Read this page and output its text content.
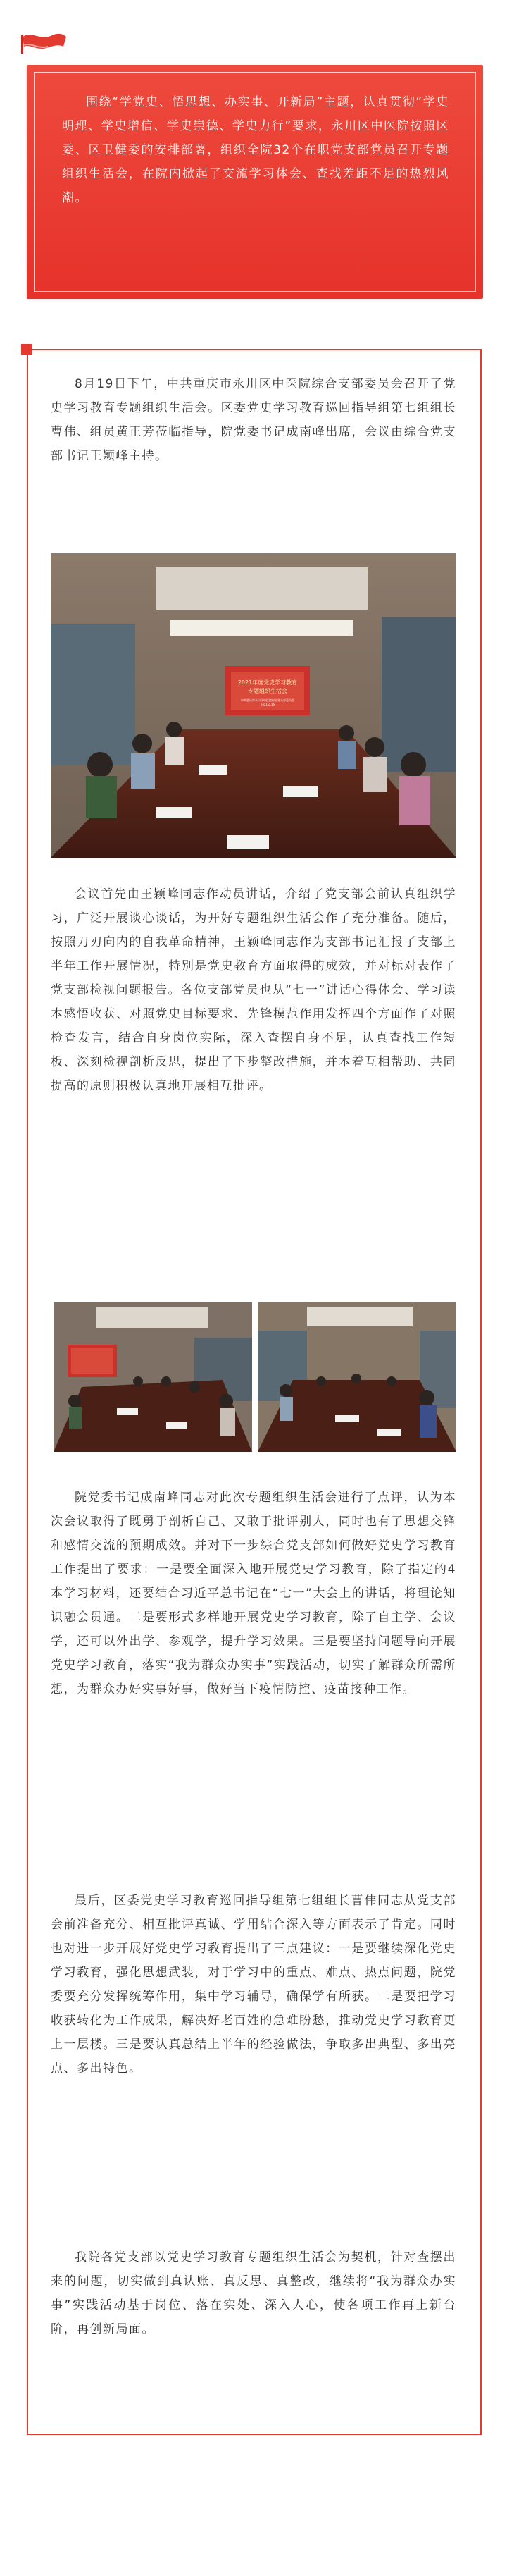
围绕“学党史、悟思想、办实事、开新局”主题，认真贯彻“学史明理、学史增信、学史崇德、学史力行”要求，永川区中医院按照区委、区卫健委的安排部署，组织全院32个在职党支部党员召开专题组织生活会，在院内掀起了交流学习体会、查找差距不足的热烈风潮。

8月19日下午，中共重庆市永川区中医院综合支部委员会召开了党史学习教育专题组织生活会。区委党史学习教育巡回指导组第七组组长曹伟、组员黄正芳莅临指导，院党委书记成南峰出席，会议由综合党支部书记王颖峰主持。

2021年度党史学习教育
专题组织生活会
中共重庆市永川区中医院综合党支部委员会
2021.8.19

会议首先由王颖峰同志作动员讲话，介绍了党支部会前认真组织学习，广泛开展谈心谈话，为开好专题组织生活会作了充分准备。随后，按照刀刃向内的自我革命精神，王颖峰同志作为支部书记汇报了支部上半年工作开展情况，特别是党史教育方面取得的成效，并对标对表作了党支部检视问题报告。各位支部党员也从“七一”讲话心得体会、学习读本感悟收获、对照党史目标要求、先锋模范作用发挥四个方面作了对照检查发言，结合自身岗位实际，深入查摆自身不足，认真查找工作短板、深刻检视剖析反思，提出了下步整改措施，并本着互相帮助、共同提高的原则积极认真地开展相互批评。

院党委书记成南峰同志对此次专题组织生活会进行了点评，认为本次会议取得了既勇于剖析自己、又敢于批评别人，同时也有了思想交锋和感情交流的预期成效。并对下一步综合党支部如何做好党史学习教育工作提出了要求：一是要全面深入地开展党史学习教育，除了指定的4本学习材料，还要结合习近平总书记在“七一”大会上的讲话，将理论知识融会贯通。二是要形式多样地开展党史学习教育，除了自主学、会议学，还可以外出学、参观学，提升学习效果。三是要坚持问题导向开展党史学习教育，落实“我为群众办实事”实践活动，切实了解群众所需所想，为群众办好实事好事，做好当下疫情防控、疫苗接种工作。

最后，区委党史学习教育巡回指导组第七组组长曹伟同志从党支部会前准备充分、相互批评真诚、学用结合深入等方面表示了肯定。同时也对进一步开展好党史学习教育提出了三点建议：一是要继续深化党史学习教育，强化思想武装，对于学习中的重点、难点、热点问题，院党委要充分发挥统筹作用，集中学习辅导，确保学有所获。二是要把学习收获转化为工作成果，解决好老百姓的急难盼愁，推动党史学习教育更上一层楼。三是要认真总结上半年的经验做法，争取多出典型、多出亮点、多出特色。

我院各党支部以党史学习教育专题组织生活会为契机，针对查摆出来的问题，切实做到真认账、真反思、真整改，继续将“我为群众办实事”实践活动基于岗位、落在实处、深入人心，使各项工作再上新台阶，再创新局面。
